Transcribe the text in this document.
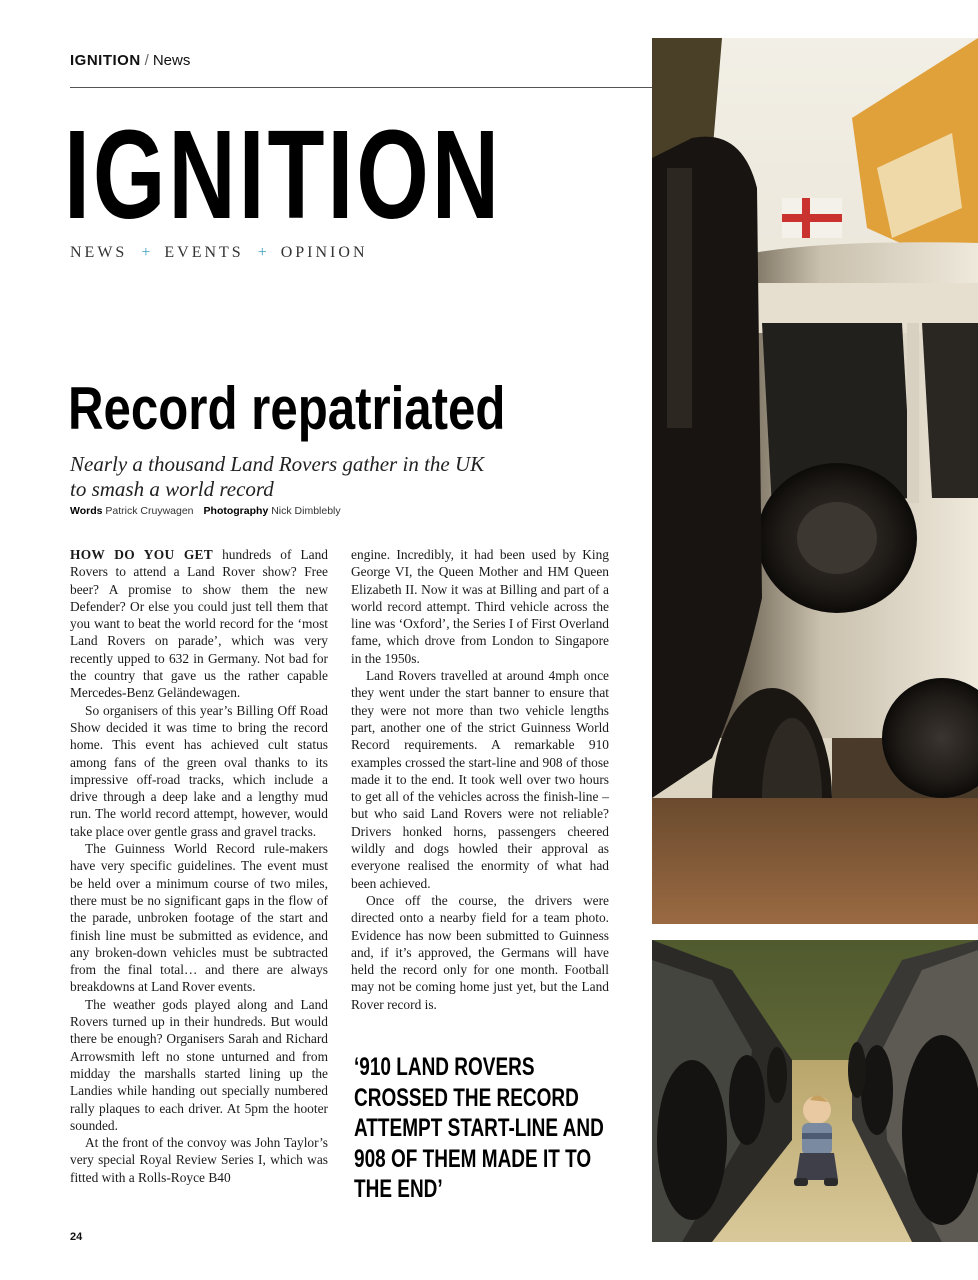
IGNITION / News
IGNITION
NEWS + EVENTS + OPINION
Record repatriated
Nearly a thousand Land Rovers gather in the UK to smash a world record
Words Patrick Cruywagen Photography Nick Dimblebly

HOW DO YOU GET hundreds of Land Rovers to attend a Land Rover show? Free beer? A promise to show them the new Defender? Or else you could just tell them that you want to beat the world record for the ‘most Land Rovers on parade’, which was very recently upped to 632 in Germany. Not bad for the country that gave us the rather capable Mercedes-Benz Geländewagen.

So organisers of this year’s Billing Off Road Show decided it was time to bring the record home. This event has achieved cult status among fans of the green oval thanks to its impressive off-road tracks, which include a drive through a deep lake and a lengthy mud run. The world record attempt, however, would take place over gentle grass and gravel tracks.

The Guinness World Record rule-makers have very specific guidelines. The event must be held over a minimum course of two miles, there must be no significant gaps in the flow of the parade, unbroken footage of the start and finish line must be submitted as evidence, and any broken-down vehicles must be subtracted from the final total… and there are always breakdowns at Land Rover events.

The weather gods played along and Land Rovers turned up in their hundreds. But would there be enough? Organisers Sarah and Richard Arrowsmith left no stone unturned and from midday the marshalls started lining up the Landies while handing out specially numbered rally plaques to each driver. At 5pm the hooter sounded.

At the front of the convoy was John Taylor’s very special Royal Review Series I, which was fitted with a Rolls-Royce B40

engine. Incredibly, it had been used by King George VI, the Queen Mother and HM Queen Elizabeth II. Now it was at Billing and part of a world record attempt. Third vehicle across the line was ‘Oxford’, the Series I of First Overland fame, which drove from London to Singapore in the 1950s.

Land Rovers travelled at around 4mph once they went under the start banner to ensure that they were not more than two vehicle lengths part, another one of the strict Guinness World Record requirements. A remarkable 910 examples crossed the start-line and 908 of those made it to the end. It took well over two hours to get all of the vehicles across the finish-line – but who said Land Rovers were not reliable? Drivers honked horns, passengers cheered wildly and dogs howled their approval as everyone realised the enormity of what had been achieved.

Once off the course, the drivers were directed onto a nearby field for a team photo. Evidence has now been submitted to Guinness and, if it’s approved, the Germans will have held the record only for one month. Football may not be coming home just yet, but the Land Rover record is.

‘910 LAND ROVERS CROSSED THE RECORD ATTEMPT START-LINE AND 908 OF THEM MADE IT TO THE END’
24
